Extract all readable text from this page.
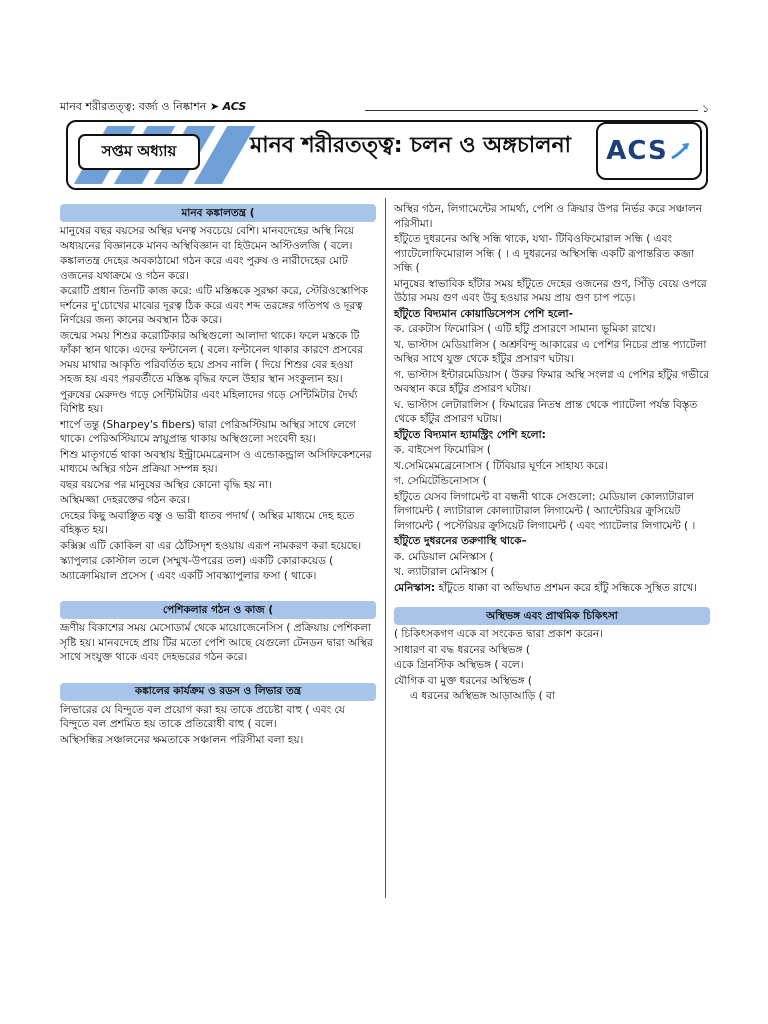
মানব শরীরতত্ত্ব: বর্জ্য ও নিষ্কাশন ➤ ACS	১
সপ্তম অধ্যায়	মানব শরীরতত্ত্ব: চলন ও অঙ্গচালনা ACS
মানব কঙ্কালতন্ত্র (

মানুষের বছর বয়সের অস্থির ঘনত্ব সবচেয়ে বেশি। মানবদেহের অস্থি নিয়ে অধ্যয়নের বিজ্ঞানকে মানব অস্থিবিজ্ঞান বা হিউমেন অস্টিওলজি ( বলে।

কঙ্কালতন্ত্র দেহের অবকাঠামো গঠন করে এবং পুরুষ ও নারীদেহের মোট ওজনের যথাক্রমে ও গঠন করে।

করোটি প্রধান তিনটি কাজ করে: এটি মস্তিষ্ককে সুরক্ষা করে, স্টেরিওস্কোপিক দর্শনের দু'চোখের মাঝের দূরত্ব ঠিক করে এবং শব্দ তরঙ্গের গতিপথ ও দূরত্ব নির্ণয়ের জন্য কানের অবস্থান ঠিক করে।

জন্মের সময় শিশুর করোটিকার অস্থিগুলো আলাদা থাকে। ফলে মস্তকে টি ফাঁকা স্থান থাকে। এদের ফন্টানেল ( বলে। ফন্টানেল থাকার কারণে প্রসবের সময় মাথার আকৃতি পরিবর্তিত হয়ে প্রসব নালি ( দিয়ে শিশুর বের হওয়া সহজ হয় এবং পরবর্তীতে মস্তিষ্ক বৃদ্ধির ফলে উহার স্থান সংকুলান হয়।

পুরুষের মেরুদণ্ড গড়ে সেন্টিমিটার এবং মহিলাদের গড়ে সেন্টিমিটার দৈর্ঘ্য বিশিষ্ট হয়।

শার্পে তন্তু (Sharpey's fibers) দ্বারা পেরিঅস্টিয়াম অস্থির সাথে লেগে থাকে। পেরিঅস্টিয়ামে স্নায়ুপ্রান্ত থাকায় অস্থিগুলো সংবেদী হয়।

শিশু মাতৃগর্ভে থাকা অবস্থায় ইন্ট্রামেমব্রেনাস ও এন্ডোকন্ড্রাল অসিফিকেশনের মাধ্যমে অস্থির গঠন প্রক্রিয়া সম্পন্ন হয়।

বছর বয়সের পর মানুষের অস্থির কোনো বৃদ্ধি হয় না।

অস্থিমজ্জা দেহরক্তের গঠন করে।

দেহের কিছু অবাঞ্ছিত বস্তু ও ভারী ধাতব পদার্থ ( অস্থির মাধ্যমে দেহ হতে বহিষ্কৃত হয়।

কক্সিক্স এটি কোকিল বা এর ঠোঁটসদৃশ হওয়ায় এরূপ নামকরণ করা হয়েছে।

স্ক্যাপুলার কোস্টাল তলে (সম্মুখ-উপরের তল) একটি কোরাকয়েড ( অ্যাক্রোমিয়াল প্রসেস ( এবং একটি সাবস্ক্যাপুলার ফসা ( থাকে।

পেশিকলার গঠন ও কাজ (

ভ্রূণীয় বিকাশের সময় মেসোডার্ম থেকে মায়োজেনেসিস ( প্রক্রিয়ায় পেশিকলা সৃষ্টি হয়। মানবদেহে প্রায় টির মতো পেশি আছে যেগুলো টেনডন দ্বারা অস্থির সাথে সংযুক্ত থাকে এবং দেহভরের গঠন করে।

কঙ্কালের কার্যক্রম ও রডস ও লিভার তন্ত্র

লিভারের যে বিন্দুতে বল প্রয়োগ করা হয় তাকে প্রচেষ্টা বাহু ( এবং যে বিন্দুতে বল প্রশমিত হয় তাকে প্রতিরোধী বাহু ( বলে।

অস্থিসন্ধির সঞ্চালনের ক্ষমতাকে সঞ্চালন পরিসীমা বলা হয়।

অস্থির গঠন, লিগামেন্টের সামর্থ্য, পেশি ও ক্রিয়ার উপর নির্ভর করে সঞ্চালন পরিসীমা।

হাঁটুতে দুধরনের অস্থি সন্ধি থাকে, যথা- টিবিওফিমোরাল সন্ধি ( এবং প্যাটেলোফিমোরাল সন্ধি ( । এ দুধরনের অস্থিসন্ধি একটি রূপান্তরিত কব্জা সন্ধি (

মানুষের স্বাভাবিক হাঁটার সময় হাঁটুতে দেহের ওজনের গুণ, সিঁড়ি বেয়ে ওপরে উঠার সময় গুণ এবং উবু হওয়ার সময় প্রায় গুণ চাপ পড়ে।

হাঁটুতে বিদ্যমান কোয়াডিসেপস পেশি হলো-

ক. রেকটাস ফিমোরিস ( এটি হাঁটু প্রসারণে সামান্য ভূমিকা রাখে।

খ. ভাস্টাস মেডিয়ালিস ( অশ্রুবিন্দু আকারের এ পেশির নিচের প্রান্ত প্যাটেলা অস্থির সাথে যুক্ত থেকে হাঁটুর প্রসারণ ঘটায়।

গ. ভাস্টাস ইন্টারমেডিয়াস ( উরুর ফিমার অস্থি সংলগ্ন এ পেশির হাঁটুর গভীরে অবস্থান করে হাঁটুর প্রসারণ ঘটায়।

ঘ. ভাস্টাস লেটারালিস ( ফিমারের নিতম্ব প্রান্ত থেকে প্যাটেলা পর্যন্ত বিস্তৃত থেকে হাঁটুর প্রসারণ ঘটায়।

হাঁটুতে বিদ্যমান হ্যামস্ট্রিং পেশি হলো:

ক. বাইসেপ ফিমোরিস (

খ.সেমিমেমব্রেনোসাস ( টিবিয়ার ঘূর্ণনে সাহায্য করে।

গ. সেমিটেন্ডিনোসাস (

হাঁটুতে যেসব লিগামেন্ট বা বন্ধনী থাকে সেগুলো: মেডিয়াল কোল্যাটারাল লিগামেন্ট ( ল্যাটারাল কোল্যাটারাল লিগামেন্ট ( অ্যান্টেরিয়র ক্রুসিয়েট লিগামেন্ট ( পস্টেরিয়র ক্রুসিয়েট লিগামেন্ট ( এবং প্যাটেলার লিগামেন্ট ( ।

হাঁটুতে দুধরনের তরুণাস্থি থাকে–

ক. মেডিয়াল মেনিস্কাস (

খ. ল্যাটারাল মেনিস্কাস (

মেনিস্কাস: হাঁটুতে ধাক্কা বা অভিঘাত প্রশমন করে হাঁটু সন্ধিকে সুস্থিত রাখে।

অস্থিভঙ্গ এবং প্রাথমিক চিকিৎসা

( চিকিৎসকগণ একে বা সংকেত দ্বারা প্রকাশ করেন।

সাধারণ বা বদ্ধ ধরনের অস্থিভঙ্গ (

একে গ্রিনস্টিক অস্থিভঙ্গ ( বলে।

যৌগিক বা মুক্ত ধরনের অস্থিভঙ্গ (

এ ধরনের অস্থিভঙ্গ আড়াআড়ি ( বা
